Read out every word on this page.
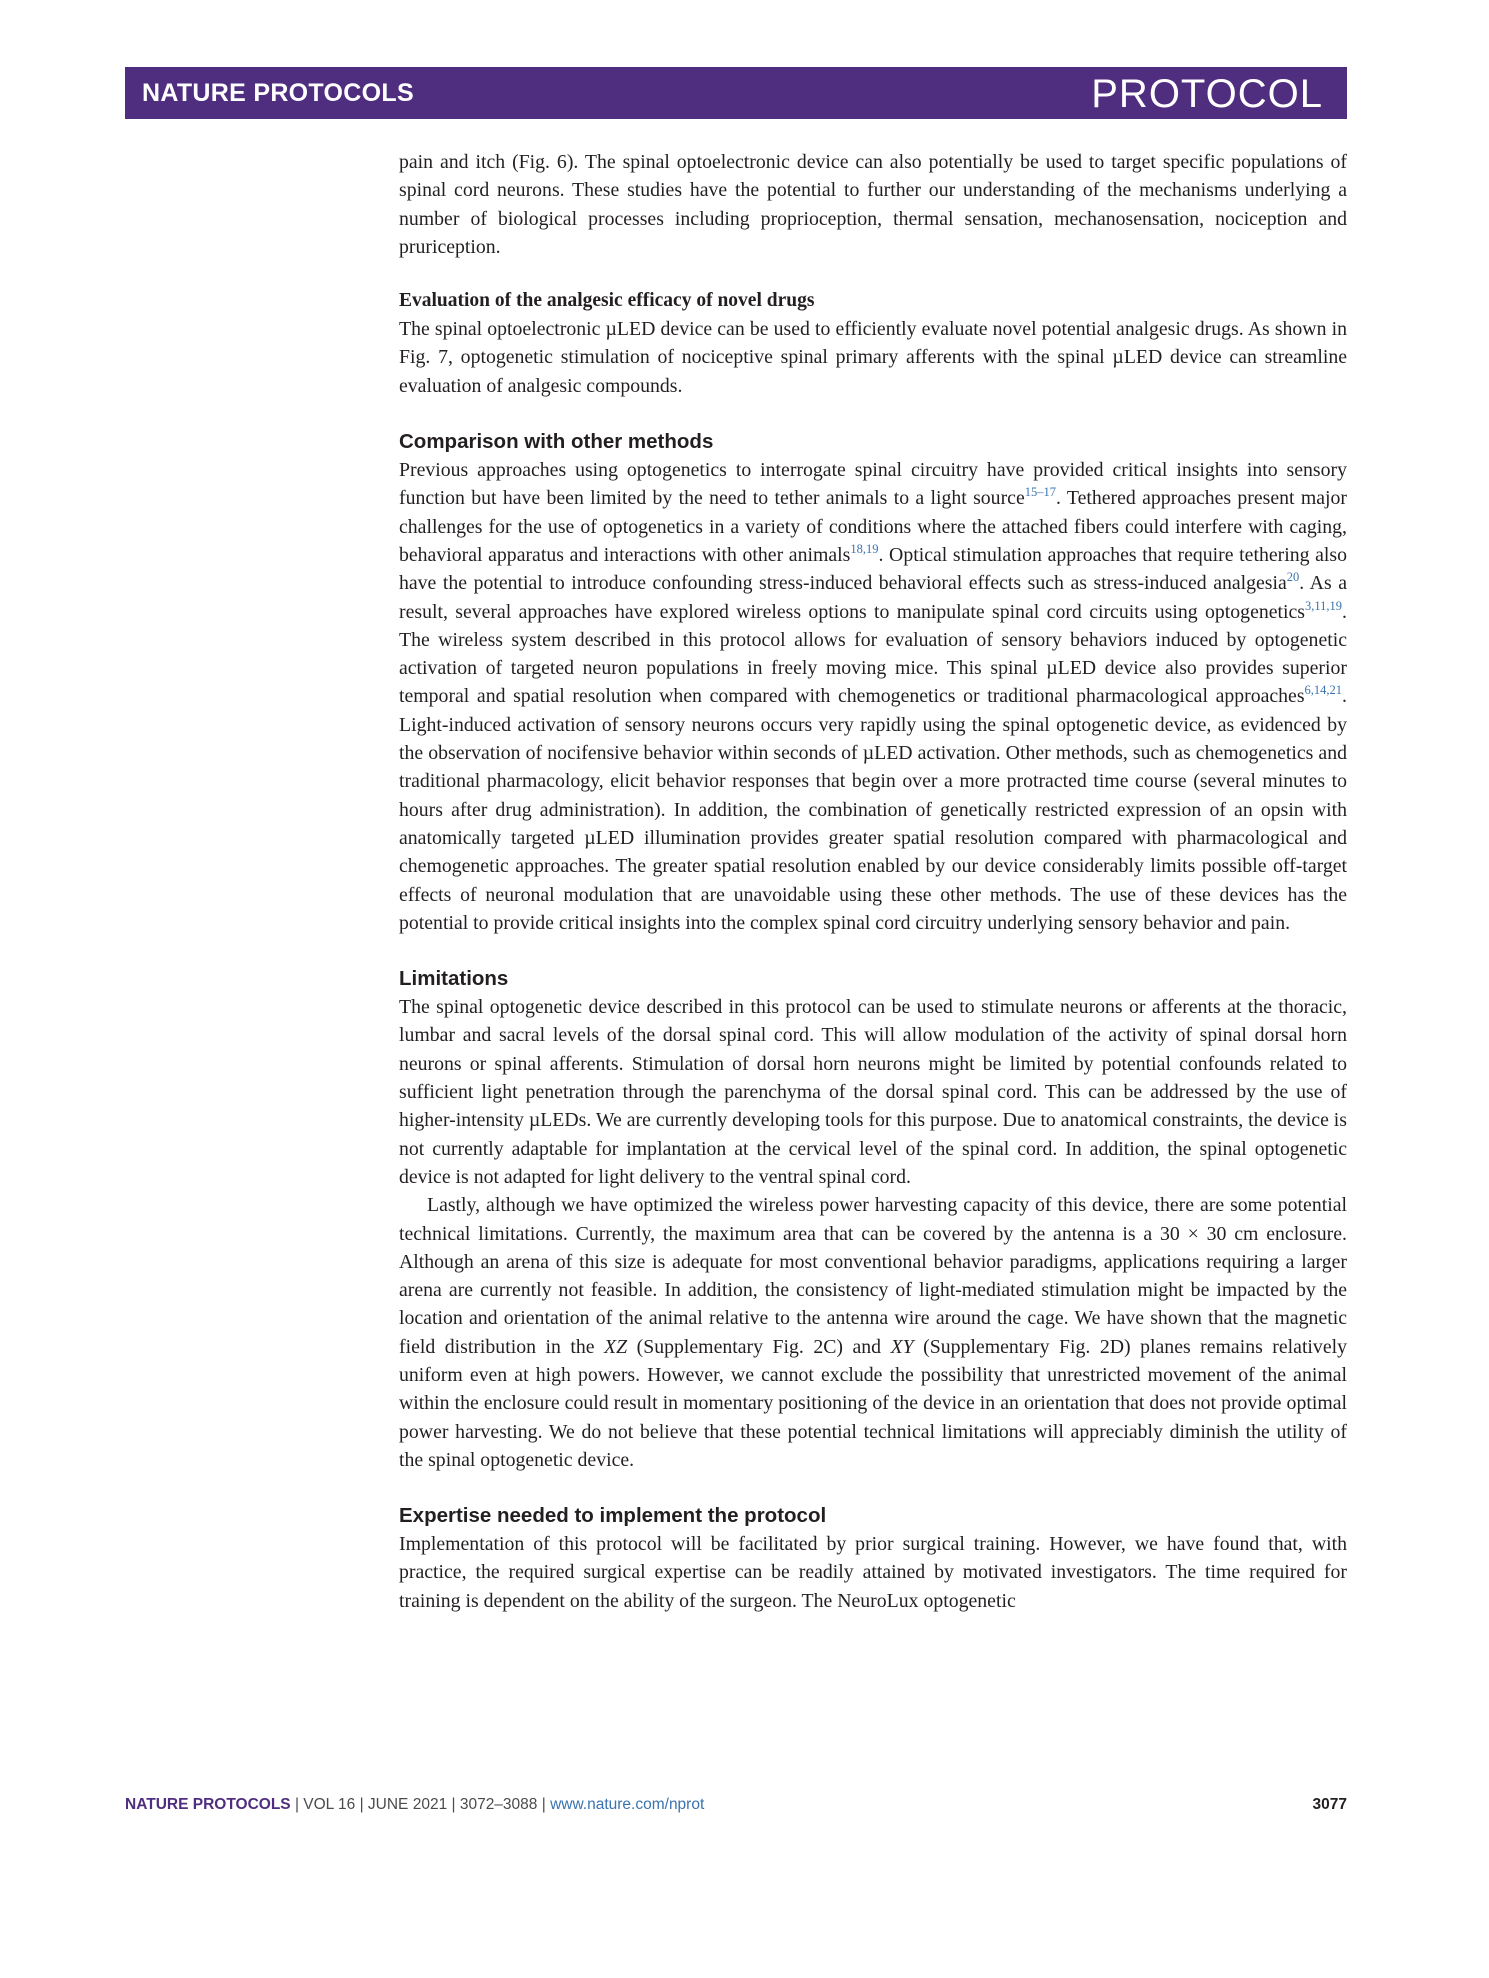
NATURE PROTOCOLS	PROTOCOL

pain and itch (Fig. 6). The spinal optoelectronic device can also potentially be used to target specific populations of spinal cord neurons. These studies have the potential to further our understanding of the mechanisms underlying a number of biological processes including proprioception, thermal sensation, mechanosensation, nociception and pruriception.

Evaluation of the analgesic efficacy of novel drugs

The spinal optoelectronic µLED device can be used to efficiently evaluate novel potential analgesic drugs. As shown in Fig. 7, optogenetic stimulation of nociceptive spinal primary afferents with the spinal µLED device can streamline evaluation of analgesic compounds.

Comparison with other methods

Previous approaches using optogenetics to interrogate spinal circuitry have provided critical insights into sensory function but have been limited by the need to tether animals to a light source$^{15-17}$. Tethered approaches present major challenges for the use of optogenetics in a variety of conditions where the attached fibers could interfere with caging, behavioral apparatus and interactions with other animals$^{18,19}$. Optical stimulation approaches that require tethering also have the potential to introduce confounding stress-induced behavioral effects such as stress-induced analgesia$^{20}$. As a result, several approaches have explored wireless options to manipulate spinal cord circuits using optogenetics$^{3,11,19}$. The wireless system described in this protocol allows for evaluation of sensory behaviors induced by optogenetic activation of targeted neuron populations in freely moving mice. This spinal µLED device also provides superior temporal and spatial resolution when compared with chemogenetics or traditional pharmacological approaches$^{6,14,21}$. Light-induced activation of sensory neurons occurs very rapidly using the spinal optogenetic device, as evidenced by the observation of nocifensive behavior within seconds of µLED activation. Other methods, such as chemogenetics and traditional pharmacology, elicit behavior responses that begin over a more protracted time course (several minutes to hours after drug administration). In addition, the combination of genetically restricted expression of an opsin with anatomically targeted µLED illumination provides greater spatial resolution compared with pharmacological and chemogenetic approaches. The greater spatial resolution enabled by our device considerably limits possible off-target effects of neuronal modulation that are unavoidable using these other methods. The use of these devices has the potential to provide critical insights into the complex spinal cord circuitry underlying sensory behavior and pain.

Limitations

The spinal optogenetic device described in this protocol can be used to stimulate neurons or afferents at the thoracic, lumbar and sacral levels of the dorsal spinal cord. This will allow modulation of the activity of spinal dorsal horn neurons or spinal afferents. Stimulation of dorsal horn neurons might be limited by potential confounds related to sufficient light penetration through the parenchyma of the dorsal spinal cord. This can be addressed by the use of higher-intensity µLEDs. We are currently developing tools for this purpose. Due to anatomical constraints, the device is not currently adaptable for implantation at the cervical level of the spinal cord. In addition, the spinal optogenetic device is not adapted for light delivery to the ventral spinal cord.

Lastly, although we have optimized the wireless power harvesting capacity of this device, there are some potential technical limitations. Currently, the maximum area that can be covered by the antenna is a 30 × 30 cm enclosure. Although an arena of this size is adequate for most conventional behavior paradigms, applications requiring a larger arena are currently not feasible. In addition, the consistency of light-mediated stimulation might be impacted by the location and orientation of the animal relative to the antenna wire around the cage. We have shown that the magnetic field distribution in the XZ (Supplementary Fig. 2C) and XY (Supplementary Fig. 2D) planes remains relatively uniform even at high powers. However, we cannot exclude the possibility that unrestricted movement of the animal within the enclosure could result in momentary positioning of the device in an orientation that does not provide optimal power harvesting. We do not believe that these potential technical limitations will appreciably diminish the utility of the spinal optogenetic device.

Expertise needed to implement the protocol

Implementation of this protocol will be facilitated by prior surgical training. However, we have found that, with practice, the required surgical expertise can be readily attained by motivated investigators. The time required for training is dependent on the ability of the surgeon. The NeuroLux optogenetic

NATURE PROTOCOLS | VOL 16 | JUNE 2021 | 3072–3088 | www.nature.com/nprot	3077
